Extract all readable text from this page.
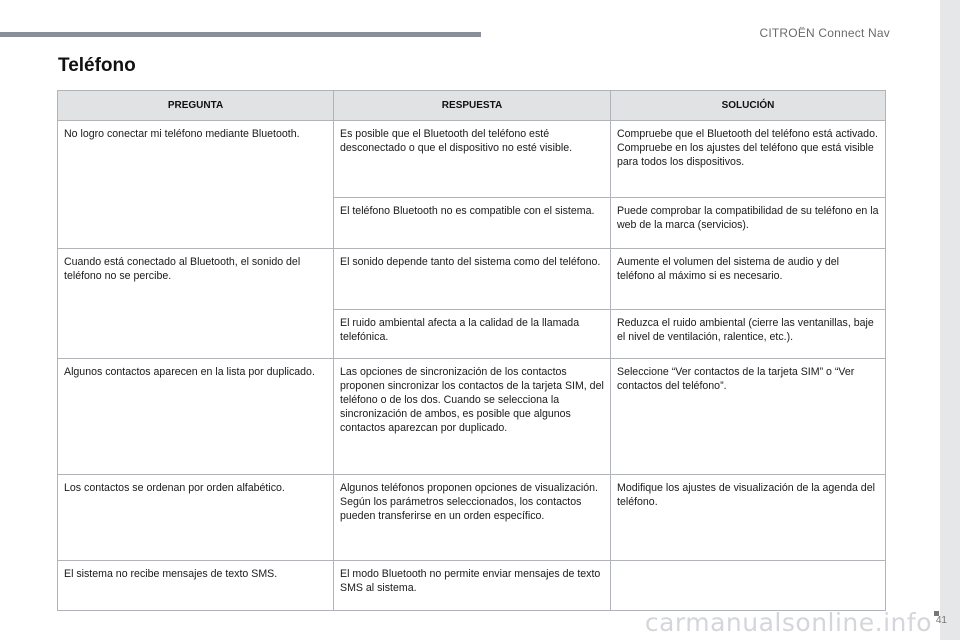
CITROËN Connect Nav
Teléfono
PREGUNTA	RESPUESTA	SOLUCIÓN
No logro conectar mi teléfono mediante Bluetooth.	Es posible que el Bluetooth del teléfono esté desconectado o que el dispositivo no esté visible.	Compruebe que el Bluetooth del teléfono está activado.
Compruebe en los ajustes del teléfono que está visible para todos los dispositivos.
	El teléfono Bluetooth no es compatible con el sistema.	Puede comprobar la compatibilidad de su teléfono en la web de la marca (servicios).
Cuando está conectado al Bluetooth, el sonido del teléfono no se percibe.	El sonido depende tanto del sistema como del teléfono.	Aumente el volumen del sistema de audio y del teléfono al máximo si es necesario.
	El ruido ambiental afecta a la calidad de la llamada telefónica.	Reduzca el ruido ambiental (cierre las ventanillas, baje el nivel de ventilación, ralentice, etc.).
Algunos contactos aparecen en la lista por duplicado.	Las opciones de sincronización de los contactos proponen sincronizar los contactos de la tarjeta SIM, del teléfono o de los dos. Cuando se selecciona la sincronización de ambos, es posible que algunos contactos aparezcan por duplicado.	Seleccione “Ver contactos de la tarjeta SIM” o “Ver contactos del teléfono”.
Los contactos se ordenan por orden alfabético.	Algunos teléfonos proponen opciones de visualización. Según los parámetros seleccionados, los contactos pueden transferirse en un orden específico.	Modifique los ajustes de visualización de la agenda del teléfono.
El sistema no recibe mensajes de texto SMS.	El modo Bluetooth no permite enviar mensajes de texto SMS al sistema.	
41
carmanualsonline.info
